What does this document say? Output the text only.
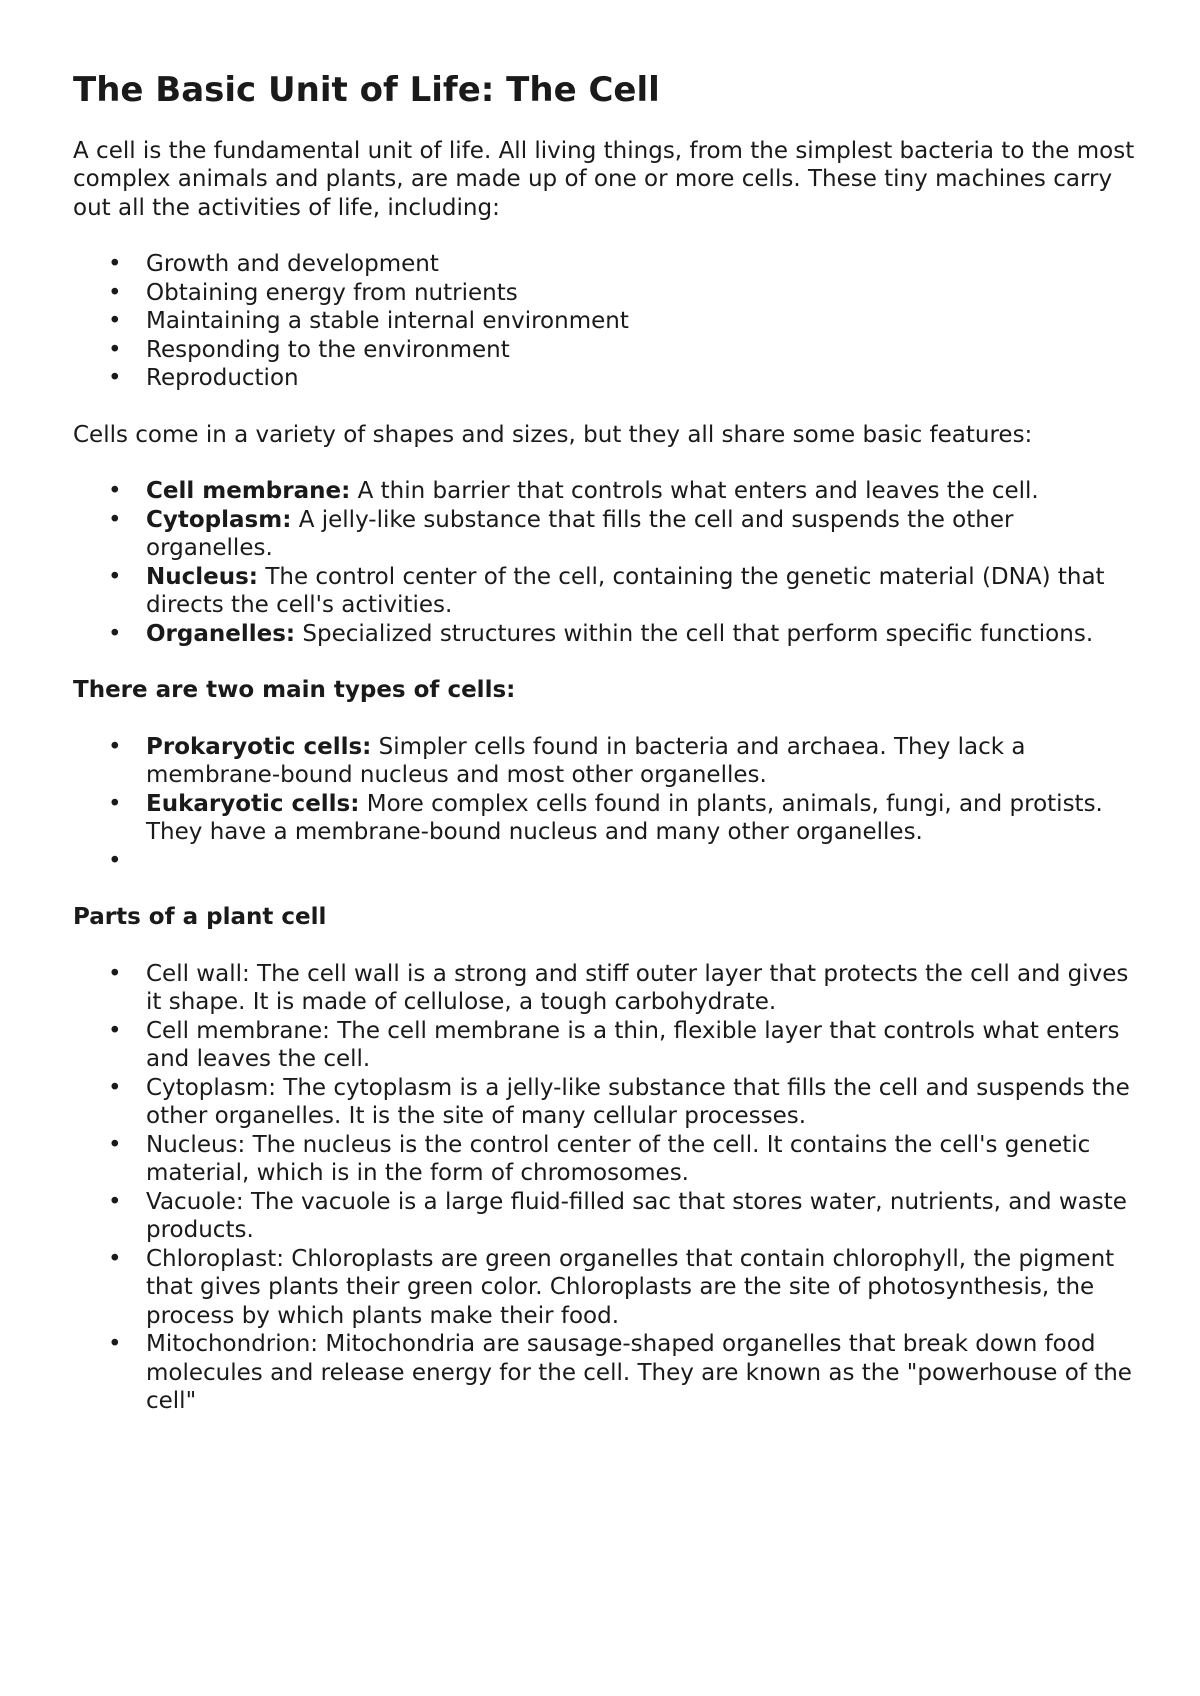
The Basic Unit of Life: The Cell

A cell is the fundamental unit of life. All living things, from the simplest bacteria to the most complex animals and plants, are made up of one or more cells. These tiny machines carry out all the activities of life, including:

• Growth and development
• Obtaining energy from nutrients
• Maintaining a stable internal environment
• Responding to the environment
• Reproduction

Cells come in a variety of shapes and sizes, but they all share some basic features:

• Cell membrane: A thin barrier that controls what enters and leaves the cell.
• Cytoplasm: A jelly-like substance that fills the cell and suspends the other organelles.
• Nucleus: The control center of the cell, containing the genetic material (DNA) that directs the cell's activities.
• Organelles: Specialized structures within the cell that perform specific functions.
There are two main types of cells:
• Prokaryotic cells: Simpler cells found in bacteria and archaea. They lack a membrane-bound nucleus and most other organelles.
• Eukaryotic cells: More complex cells found in plants, animals, fungi, and protists. They have a membrane-bound nucleus and many other organelles.
•
Parts of a plant cell
• Cell wall: The cell wall is a strong and stiff outer layer that protects the cell and gives it shape. It is made of cellulose, a tough carbohydrate.
• Cell membrane: The cell membrane is a thin, flexible layer that controls what enters and leaves the cell.
• Cytoplasm: The cytoplasm is a jelly-like substance that fills the cell and suspends the other organelles. It is the site of many cellular processes.
• Nucleus: The nucleus is the control center of the cell. It contains the cell's genetic material, which is in the form of chromosomes.
• Vacuole: The vacuole is a large fluid-filled sac that stores water, nutrients, and waste products.
• Chloroplast: Chloroplasts are green organelles that contain chlorophyll, the pigment that gives plants their green color. Chloroplasts are the site of photosynthesis, the process by which plants make their food.
• Mitochondrion: Mitochondria are sausage-shaped organelles that break down food molecules and release energy for the cell. They are known as the "powerhouse of the cell"
